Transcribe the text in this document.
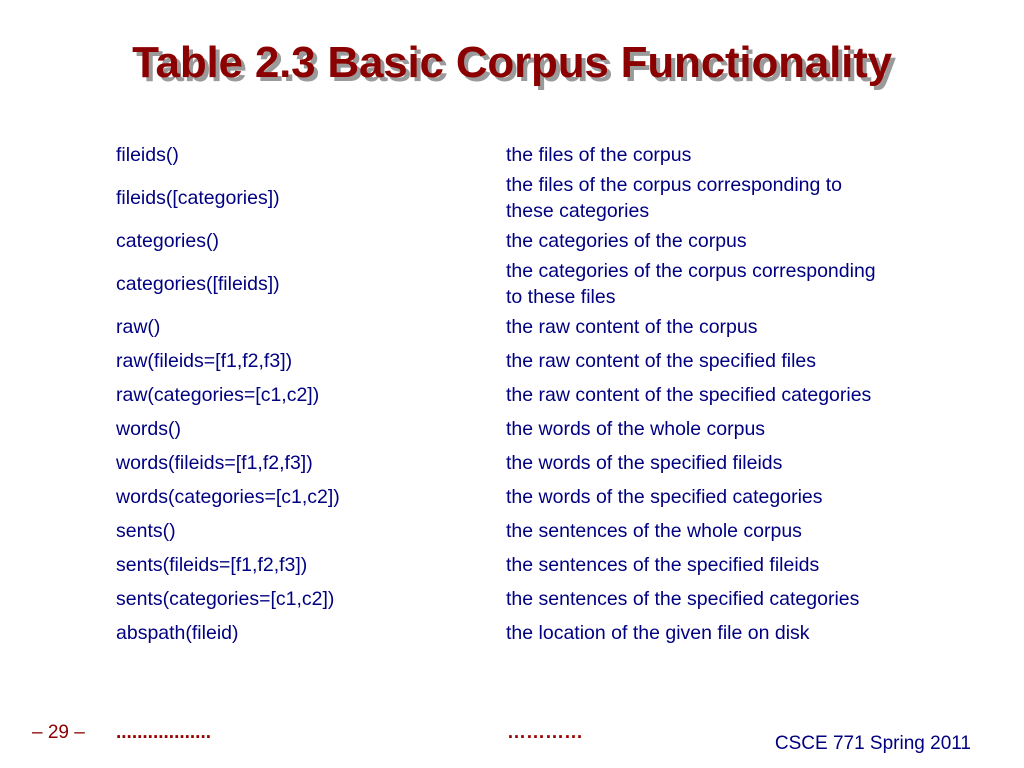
Table 2.3 Basic Corpus Functionality
fileids()	the files of the corpus
fileids([categories])	the files of the corpus corresponding to these categories
categories()	the categories of the corpus
categories([fileids])	the categories of the corpus corresponding to these files
raw()	the raw content of the corpus
raw(fileids=[f1,f2,f3])	the raw content of the specified files
raw(categories=[c1,c2])	the raw content of the specified categories
words()	the words of the whole corpus
words(fileids=[f1,f2,f3])	the words of the specified fileids
words(categories=[c1,c2])	the words of the specified categories
sents()	the sentences of the whole corpus
sents(fileids=[f1,f2,f3])	the sentences of the specified fileids
sents(categories=[c1,c2])	the sentences of the specified categories
abspath(fileid)	the location of the given file on disk
..................	…………
– 29 –
CSCE 771 Spring 2011
